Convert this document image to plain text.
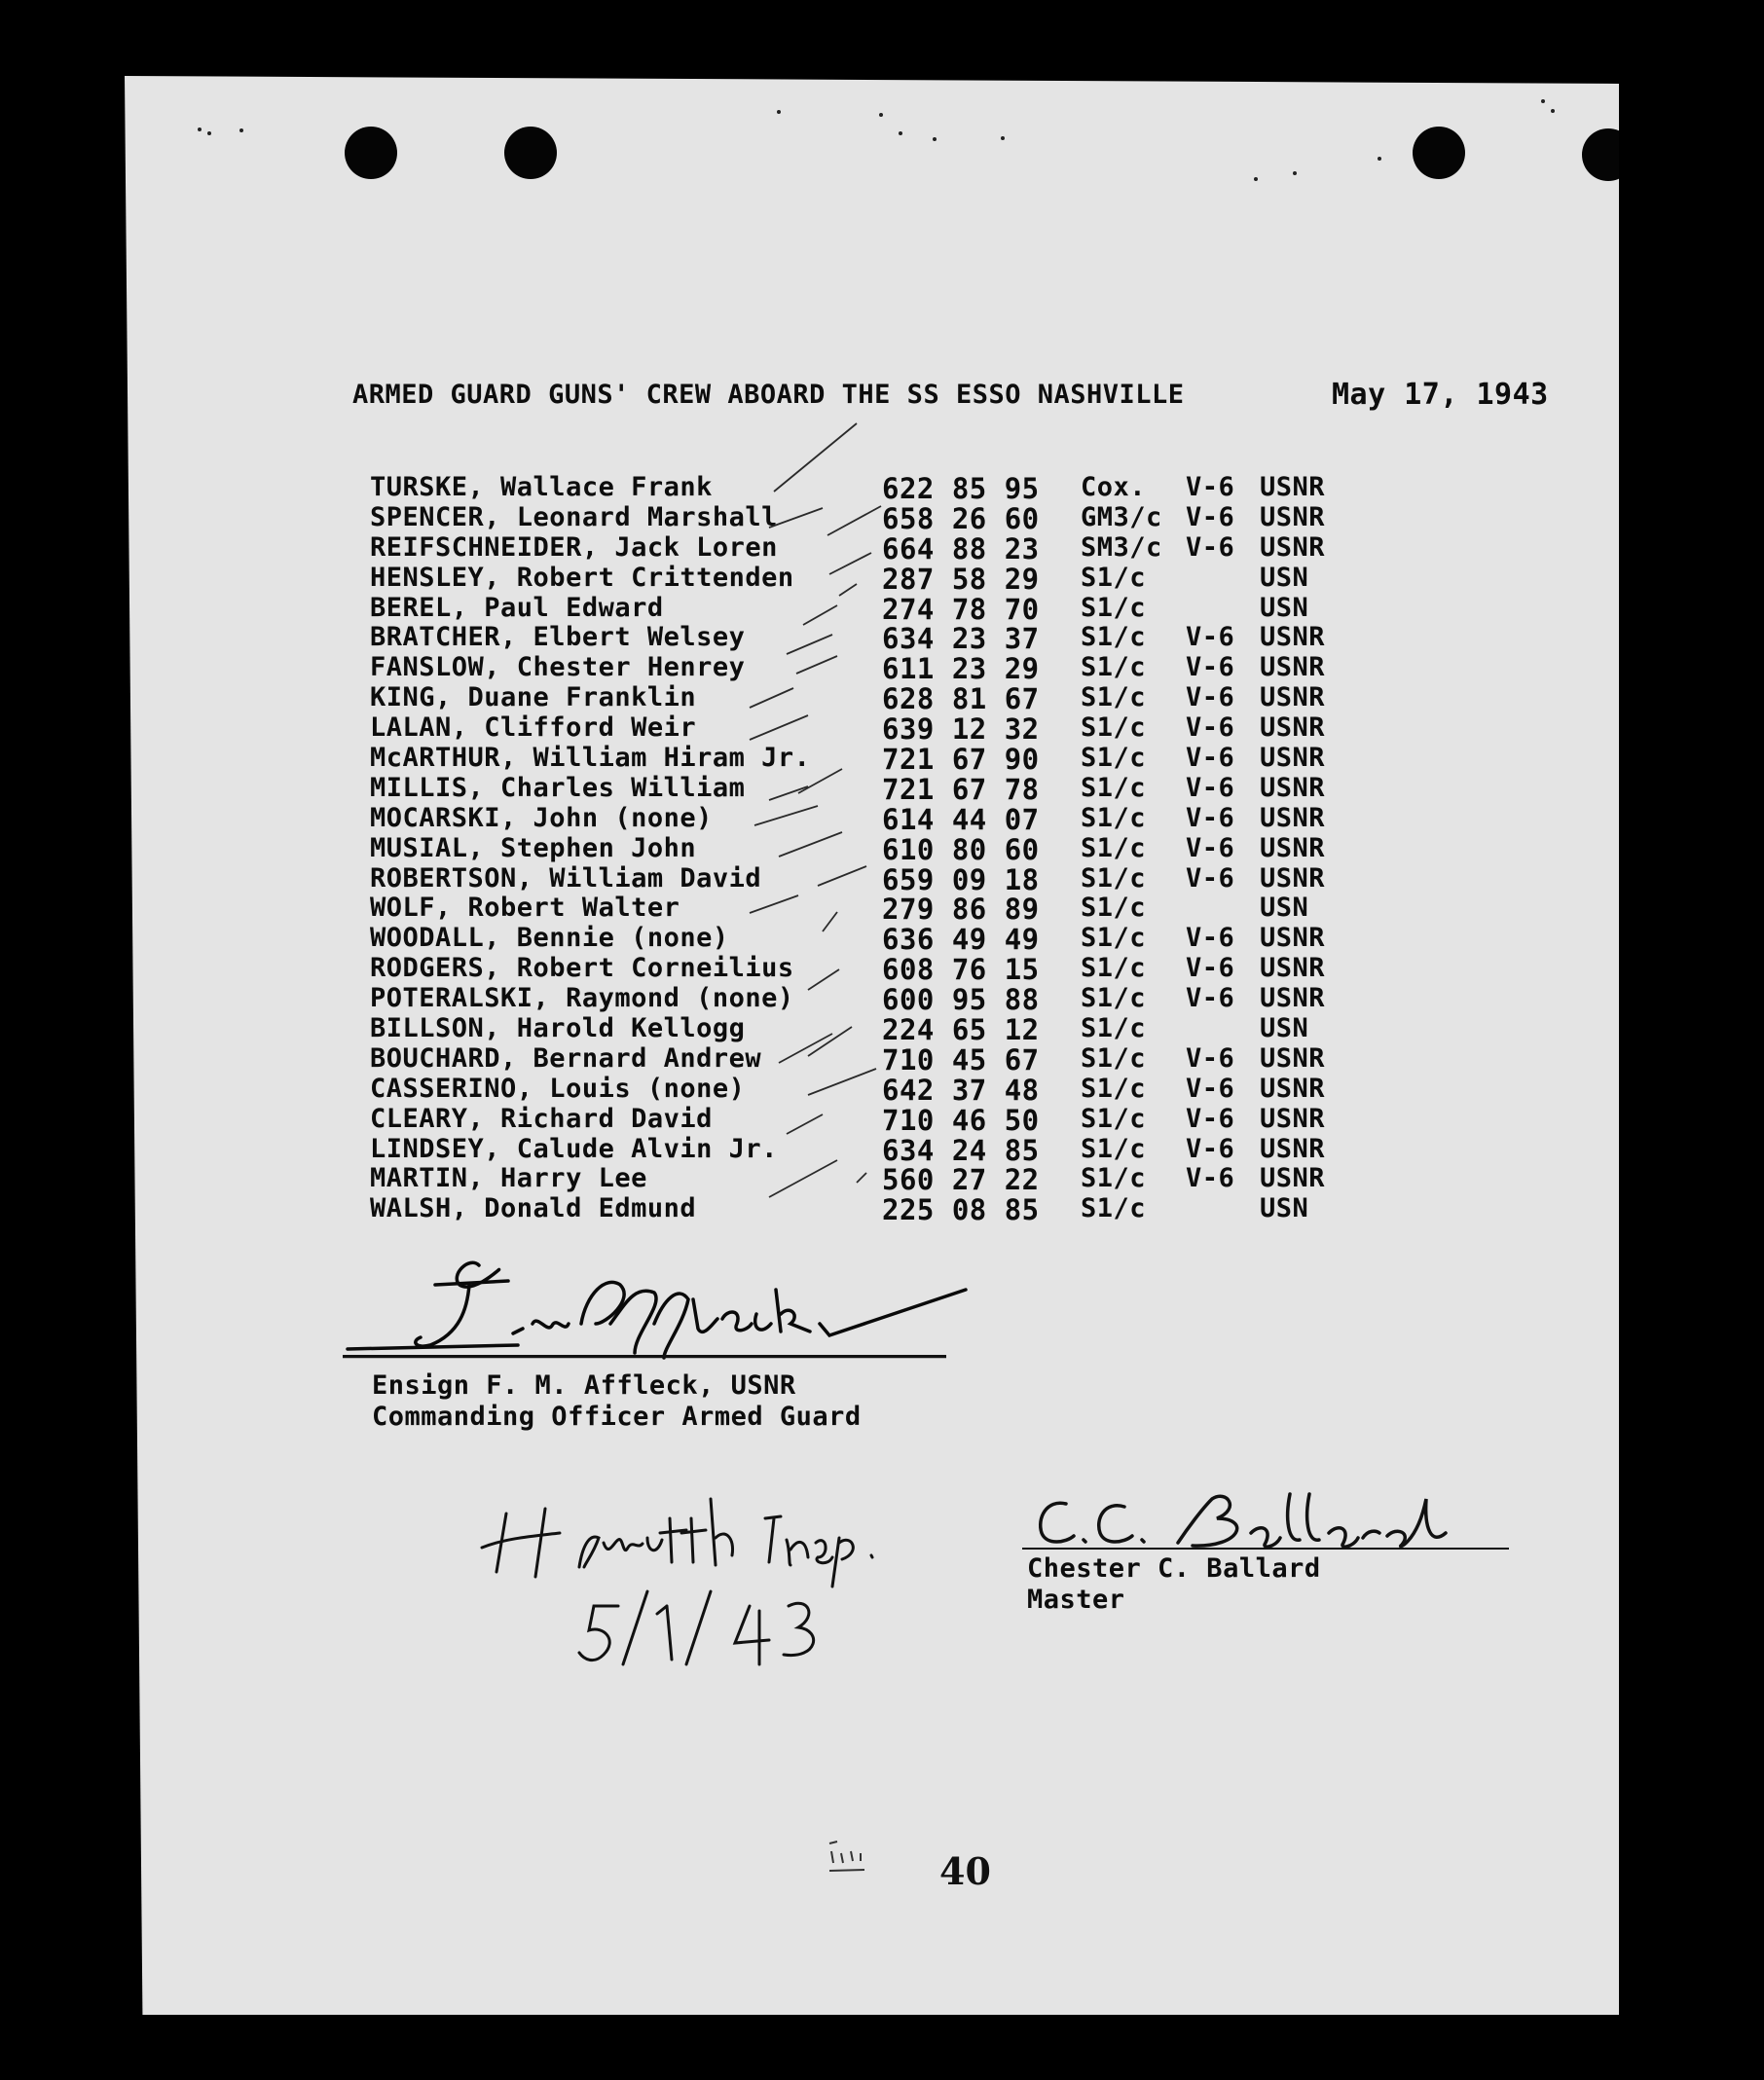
ARMED GUARD GUNS' CREW ABOARD THE SS ESSO NASHVILLE	May 17, 1943
TURSKE, Wallace Frank	622 85 95 Cox. V-6 USNR
SPENCER, Leonard Marshall	658 26 60 GM3/c V-6 USNR
REIFSCHNEIDER, Jack Loren	664 88 23 SM3/c V-6 USNR
HENSLEY, Robert Crittenden	287 58 29 S1/c	USN
BEREL, Paul Edward	274 78 70 S1/c	USN
BRATCHER, Elbert Welsey	634 23 37 S1/c V-6 USNR
FANSLOW, Chester Henrey	611 23 29 S1/c V-6 USNR
KING, Duane Franklin	628 81 67 S1/c V-6 USNR
LALAN, Clifford Weir	639 12 32 S1/c V-6 USNR
McARTHUR, William Hiram Jr.	721 67 90 S1/c V-6 USNR
MILLIS, Charles William	721 67 78 S1/c V-6 USNR
MOCARSKI, John (none)	614 44 07 S1/c V-6 USNR
MUSIAL, Stephen John	610 80 60 S1/c V-6 USNR
ROBERTSON, William David	659 09 18 S1/c V-6 USNR
WOLF, Robert Walter	279 86 89 S1/c	USN
WOODALL, Bennie (none)	636 49 49 S1/c V-6 USNR
RODGERS, Robert Corneilius	608 76 15 S1/c V-6 USNR
POTERALSKI, Raymond (none)	600 95 88 S1/c V-6 USNR
BILLSON, Harold Kellogg	224 65 12 S1/c	USN
BOUCHARD, Bernard Andrew	710 45 67 S1/c V-6 USNR
CASSERINO, Louis (none)	642 37 48 S1/c V-6 USNR
CLEARY, Richard David	710 46 50 S1/c V-6 USNR
LINDSEY, Calude Alvin Jr.	634 24 85 S1/c V-6 USNR
MARTIN, Harry Lee	560 27 22 S1/c V-6 USNR
WALSH, Donald Edmund	225 08 85 S1/c	USN
Ensign F. M. Affleck, USNR
Commanding Officer Armed Guard
Chester C. Ballard
Master
40
